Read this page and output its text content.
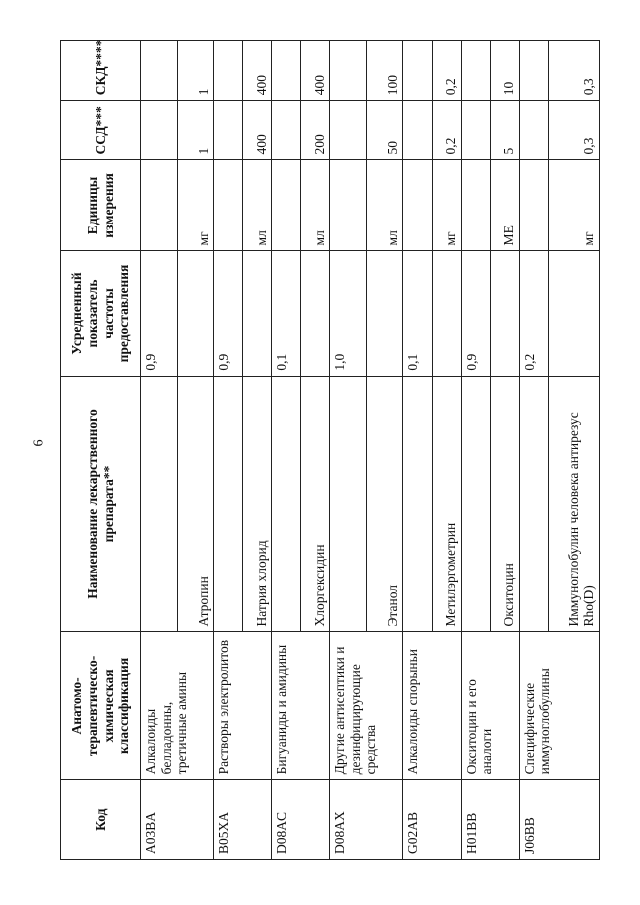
6
Код	Анатомо-терапевтическо-химическая классификация	Наименование лекарственного препарата**	Усредненный показатель частоты предоставления	Единицы измерения	ССД***	СКД****
A03BA	Алкалоиды белладонны, третичные амины		0,9			
		Атропин		мг	1	1
B05XA	Растворы электролитов		0,9			
		Натрия хлорид		мл	400	400
D08AC	Бигуаниды и амидины		0,1			
		Хлоргексидин		мл	200	400
D08AX	Другие антисептики и дезинфицирующие средства		1,0			
		Этанол		мл	50	100
G02AB	Алкалоиды спорыньи		0,1			
		Метилэргометрин		мг	0,2	0,2
H01BB	Окситоцин и его аналоги		0,9			
		Окситоцин		МЕ	5	10
J06BB	Специфические иммуноглобулины		0,2			
		Иммуноглобулин человека антирезус Rho(D)		мг	0,3	0,3
